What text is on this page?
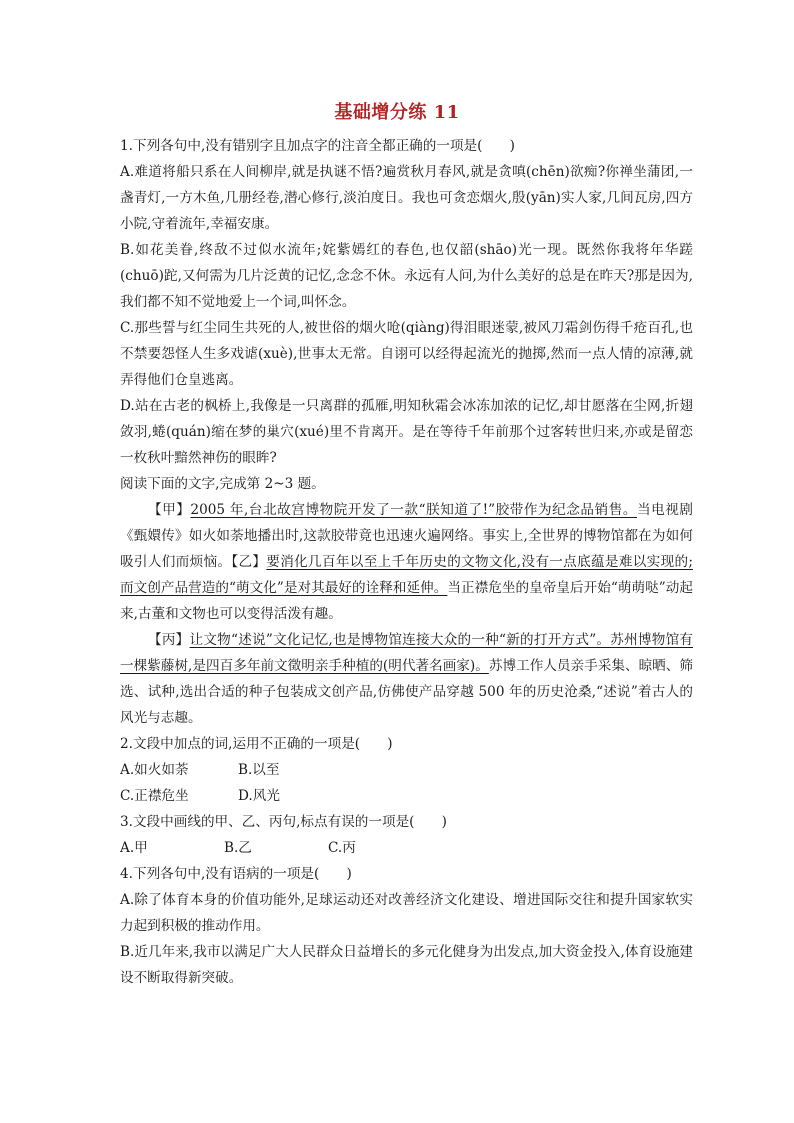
基础增分练 11

1.下列各句中,没有错别字且加点字的注音全都正确的一项是(　　)

A.难道将船只系在人间柳岸,就是执谜不悟?遍赏秋月春风,就是贪嗔(chēn)欲痴?你禅坐蒲团,一盏青灯,一方木鱼,几册经卷,潜心修行,淡泊度日。我也可贪恋烟火,殷(yān)实人家,几间瓦房,四方小院,守着流年,幸福安康。

B.如花美眷,终敌不过似水流年;姹紫嫣红的春色,也仅韶(shāo)光一现。既然你我将年华蹉(chuō)跎,又何需为几片泛黄的记忆,念念不休。永远有人问,为什么美好的总是在昨天?那是因为,我们都不知不觉地爱上一个词,叫怀念。

C.那些誓与红尘同生共死的人,被世俗的烟火呛(qiàng)得泪眼迷蒙,被风刀霜剑伤得千疮百孔,也不禁要怨怪人生多戏谑(xuè),世事太无常。自诩可以经得起流光的抛掷,然而一点人情的凉薄,就弄得他们仓皇逃离。

D.站在古老的枫桥上,我像是一只离群的孤雁,明知秋霜会冰冻加浓的记忆,却甘愿落在尘网,折翅敛羽,蜷(quán)缩在梦的巢穴(xué)里不肯离开。是在等待千年前那个过客转世归来,亦或是留恋一枚秋叶黯然神伤的眼眸?

阅读下面的文字,完成第 2~3 题。

【甲】2005 年,台北故宫博物院开发了一款“朕知道了!”胶带作为纪念品销售。当电视剧《甄嬛传》如火如荼地播出时,这款胶带竟也迅速火遍网络。事实上,全世界的博物馆都在为如何吸引人们而烦恼。【乙】要消化几百年以至上千年历史的文物文化,没有一点底蕴是难以实现的;而文创产品营造的“萌文化”是对其最好的诠释和延伸。当正襟危坐的皇帝皇后开始“萌萌哒”动起来,古董和文物也可以变得活泼有趣。

【丙】让文物“述说”文化记忆,也是博物馆连接大众的一种“新的打开方式”。苏州博物馆有一棵紫藤树,是四百多年前文徵明亲手种植的(明代著名画家)。苏博工作人员亲手采集、晾晒、筛选、试种,选出合适的种子包装成文创产品,仿佛使产品穿越 500 年的历史沧桑,“述说”着古人的风光与志趣。

2.文段中加点的词,运用不正确的一项是(　　)

A.如火如荼	B.以至
C.正襟危坐	D.风光

3.文段中画线的甲、乙、丙句,标点有误的一项是(　　)

A.甲	B.乙	C.丙

4.下列各句中,没有语病的一项是(　　)

A.除了体育本身的价值功能外,足球运动还对改善经济文化建设、增进国际交往和提升国家软实力起到积极的推动作用。

B.近几年来,我市以满足广大人民群众日益增长的多元化健身为出发点,加大资金投入,体育设施建设不断取得新突破。
